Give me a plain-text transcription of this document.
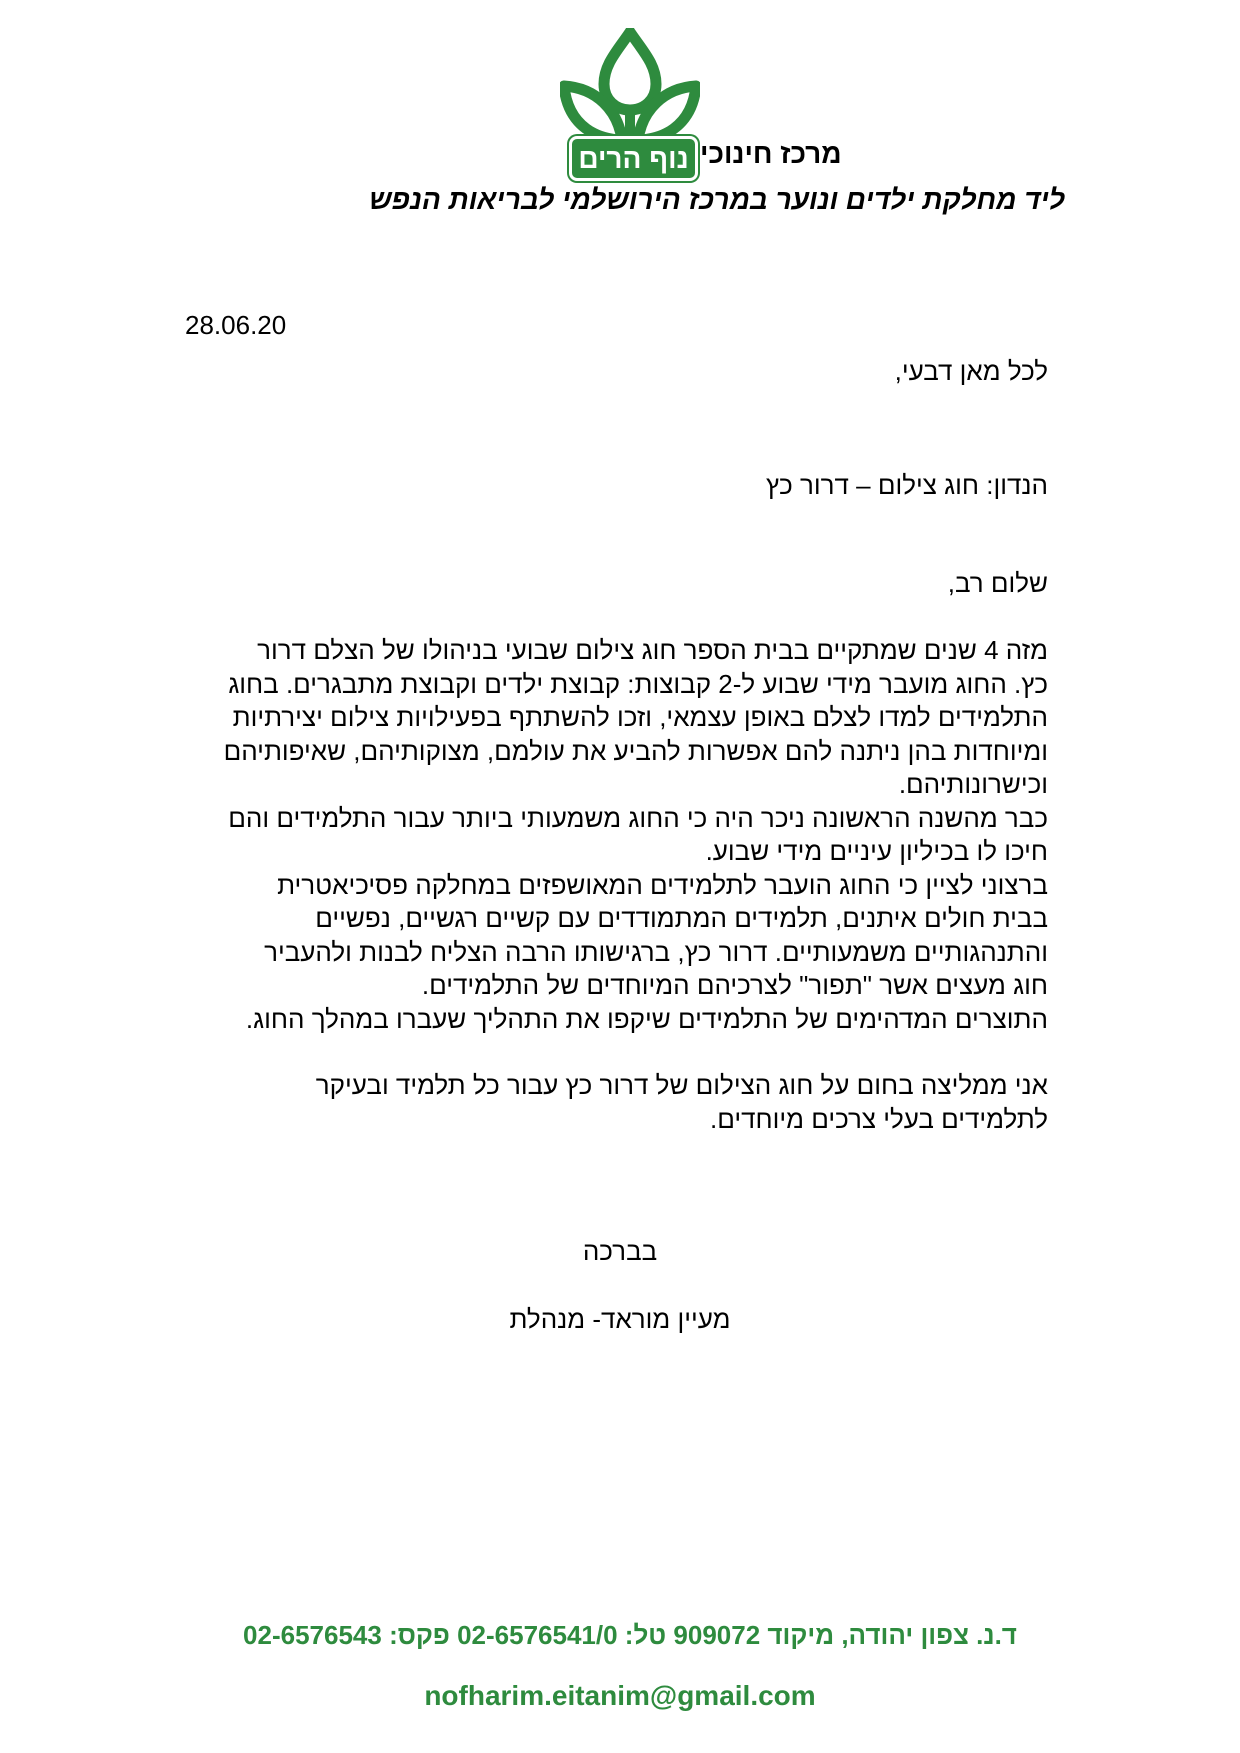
נוף הרים מרכז חינוכי
ליד מחלקת ילדים ונוער במרכז הירושלמי לבריאות הנפש
28.06.20
לכל מאן דבעי,
הנדון: חוג צילום – דרור כץ
שלום רב,
מזה 4 שנים שמתקיים בבית הספר חוג צילום שבועי בניהולו של הצלם דרור
כץ. החוג מועבר מידי שבוע ל-2 קבוצות: קבוצת ילדים וקבוצת מתבגרים. בחוג
התלמידים למדו לצלם באופן עצמאי, וזכו להשתתף בפעילויות צילום יצירתיות
ומיוחדות בהן ניתנה להם אפשרות להביע את עולמם, מצוקותיהם, שאיפותיהם
וכישרונותיהם.
כבר מהשנה הראשונה ניכר היה כי החוג משמעותי ביותר עבור התלמידים והם
חיכו לו בכיליון עיניים מידי שבוע.
ברצוני לציין כי החוג הועבר לתלמידים המאושפזים במחלקה פסיכיאטרית
בבית חולים איתנים, תלמידים המתמודדים עם קשיים רגשיים, נפשיים
והתנהגותיים משמעותיים. דרור כץ, ברגישותו הרבה הצליח לבנות ולהעביר
חוג מעצים אשר "תפור" לצרכיהם המיוחדים של התלמידים.
התוצרים המדהימים של התלמידים שיקפו את התהליך שעברו במהלך החוג.
אני ממליצה בחום על חוג הצילום של דרור כץ עבור כל תלמיד ובעיקר
לתלמידים בעלי צרכים מיוחדים.
בברכה
מעיין מוראד- מנהלת
ד.נ. צפון יהודה, מיקוד 909072 טל: 02-6576541/0 פקס: 02-6576543
nofharim.eitanim@gmail.com
